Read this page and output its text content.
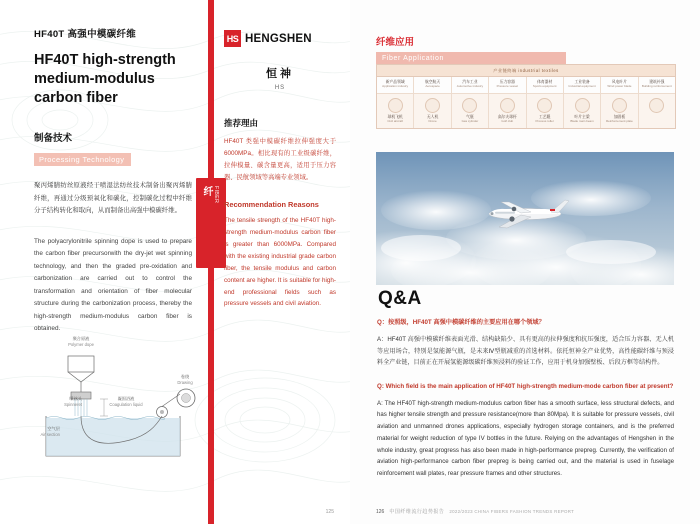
HF40T 高强中模碳纤维
HF40T high-strength medium-modulus carbon fiber
制备技术
Processing Technology
聚丙烯腈纺丝原液经干喷湿法纺丝技术制备出聚丙烯腈纤维，再通过分级预氧化和碳化，控制碳化过程中纤维分子结构转化和取向，从而制备出高强中模碳纤维。
The polyacrylonitrile spinning dope is used to prepare the carbon fiber precursorwith the dry-jet wet spinning technology, and then the graded pre-oxidation and carbonization are carried out to control the transformation and orientation of fiber molecular structure during the carbonization process, thereby the high-strength medium-modulus carbon fiber is obtained.
聚合原液
Polymer dope
喷丝头
Spinneret
凝固浴液
Coagulation liquid
卷绕
Drawing
空气层
Air section
125
纤 FIBER
HS HENGSHEN
恒神
HS
推荐理由
HF40T 类强中模碳纤维拉伸强度大于 6000MPa。相比现有的工业级碳纤维，拉伸模量、碳含量更高，适用于压力容器、民航领域等高端专业领域。
Recommendation Reasons
The tensile strength of the HF40T high-strength medium-modulus carbon fiber is greater than 6000MPa. Compared with the existing industrial grade carbon fiber, the tensile modulus and carbon content are higher. It is suitable for high-end professional fields such as pressure vessels and civil aviation.
纤维应用
Fiber Application
产业链终端 industrial textiles
新产品领域
Application industry
航空航天
Aerospace
汽车工业
Automotive industry
压力容器
Pressure vessel
体育器材
Sports equipment
工业装备
Industrial equipment
风电叶片
Wind power blade
建筑补强
Building reinforcement
球机飞机
Civil aircraft
无人机
Drone
气瓶
Gas cylinder
高尔夫球杆
Golf club
工艺辊
Process roller
叶片主梁
Blade main beam
加固板
Reinforcement plate
Q&A
Q：按照级，HF40T 高强中模碳纤维的主要应用在哪个领域？
A：HF40T 高强中模碳纤维表面光滑、结构缺陷少、具有更高的拉伸强度和抗压强度，适合压力容器、无人机等应用场合，特别是氢能源气瓶，是未来Ⅳ型瓶减重的首选材料。依托恒神全产业优势，高性能碳纤维与预浸料全产业链，目前正在开展氢能源级碳纤维预浸料的验证工作，应用于机身加强壁板、后段方框等结构件。
Q: Which field is the main application of HF40T high-strength medium-mode carbon fiber at present?
A: The HF40T high-strength medium-modulus carbon fiber has a smooth surface, less structural defects, and has higher tensile strength and pressure resistance(more than 80Mpa). It is suitable for pressure vessels, civil aviation and unmanned drones applications, especially hydrogen storage containers, and is the preferred material for weight reduction of type IV bottles in the future. Relying on the advantages of Hengshen in the whole industry, great progress has also been made in high-performance prepreg. Currently, the verification of aviation high-performance carbon fiber prepreg is being carried out, and the material is used in fuselage reinforcement wall plates, rear pressure frames and other structures.
126 中国纤维流行趋势报告 2022/2023 CHINA FIBERS FASHION TRENDS REPORT
